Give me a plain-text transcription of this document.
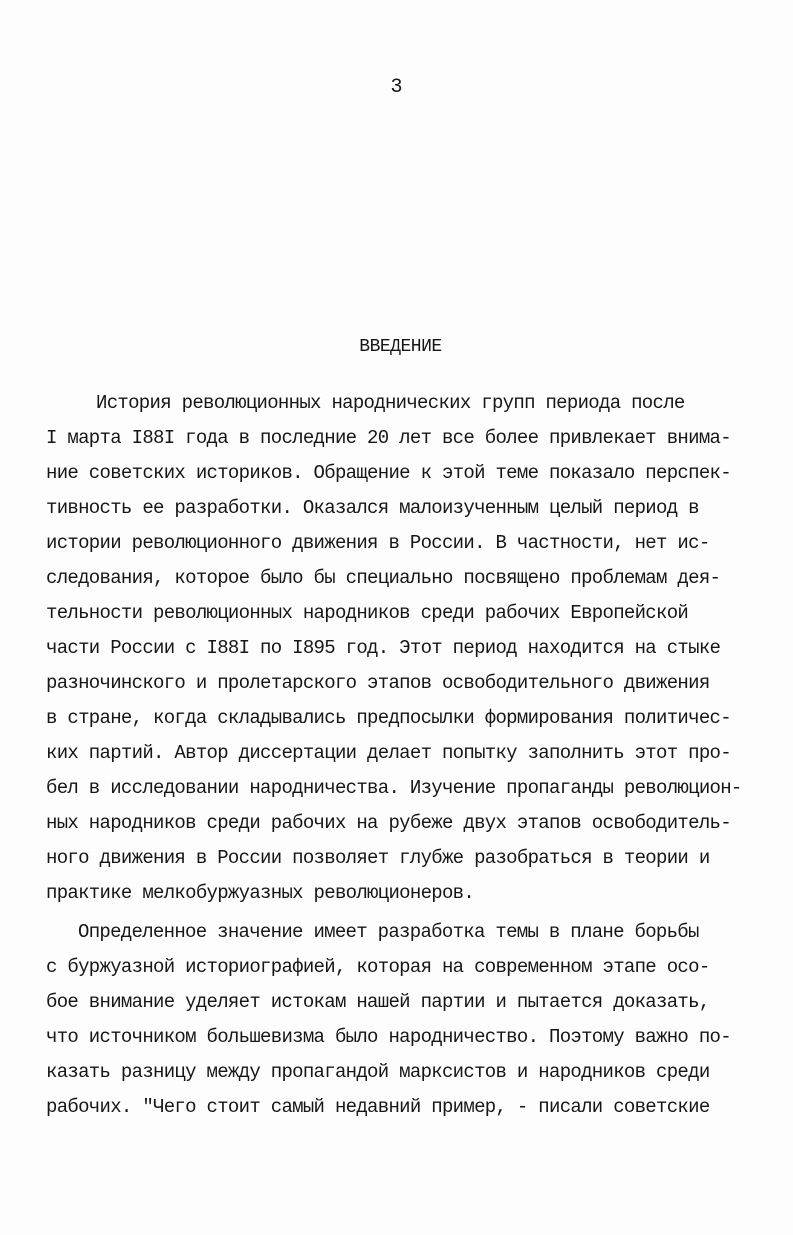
3
ВВЕДЕНИЕ
История революционных народнических групп периода после
I марта I88I года в последние 20 лет все более привлекает внима-
ние советских историков. Обращение к этой теме показало перспек-
тивность ее разработки. Оказался малоизученным целый период в
истории революционного движения в России. В частности, нет ис-
следования, которое было бы специально посвящено проблемам дея-
тельности революционных народников среди рабочих Европейской
части России с I88I по I895 год. Этот период находится на стыке
разночинского и пролетарского этапов освободительного движения
в стране, когда складывались предпосылки формирования политичес-
ких партий. Автор диссертации делает попытку заполнить этот про-
бел в исследовании народничества. Изучение пропаганды революцион-
ных народников среди рабочих на рубеже двух этапов освободитель-
ного движения в России позволяет глубже разобраться в теории и
практике мелкобуржуазных революционеров.
Определенное значение имеет разработка темы в плане борьбы
с буржуазной историографией, которая на современном этапе осо-
бое внимание уделяет истокам нашей партии и пытается доказать,
что источником большевизма было народничество. Поэтому важно по-
казать разницу между пропагандой марксистов и народников среди
рабочих. "Чего стоит самый недавний пример, - писали советские
